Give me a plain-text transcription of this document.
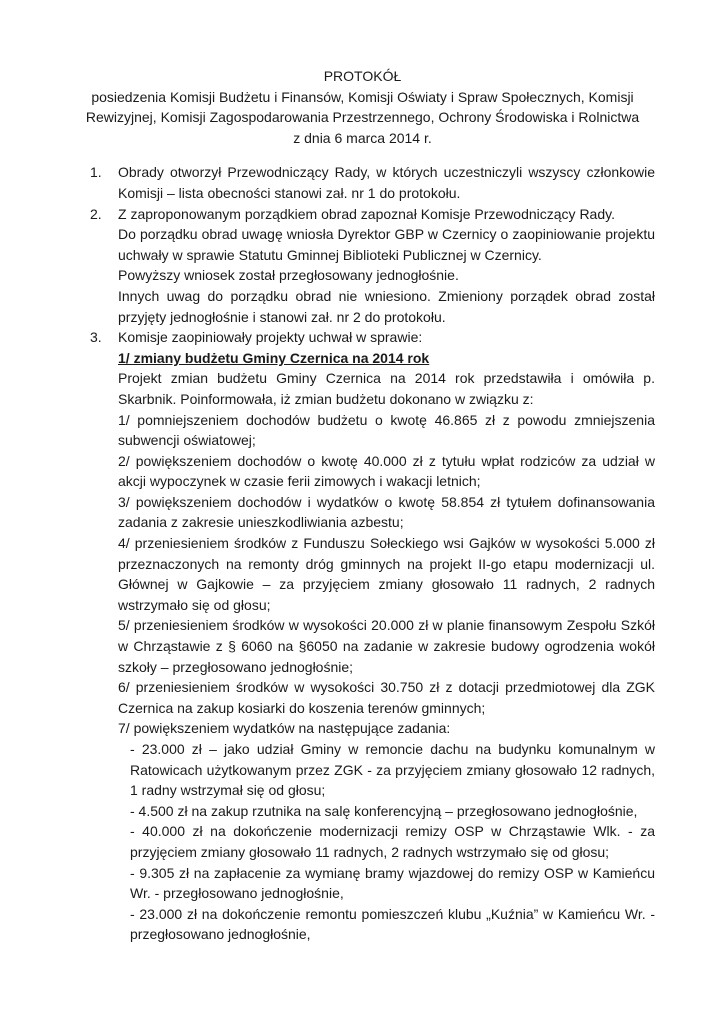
PROTOKÓŁ

posiedzenia Komisji Budżetu i Finansów, Komisji Oświaty i Spraw Społecznych, Komisji

Rewizyjnej, Komisji Zagospodarowania Przestrzennego, Ochrony Środowiska i Rolnictwa

z dnia 6 marca 2014 r.

1. Obrady otworzył Przewodniczący Rady, w których uczestniczyli wszyscy członkowie Komisji – lista obecności stanowi zał. nr 1 do protokołu.

2. Z zaproponowanym porządkiem obrad zapoznał Komisje Przewodniczący Rady.

Do porządku obrad uwagę wniosła Dyrektor GBP w Czernicy o zaopiniowanie projektu uchwały w sprawie Statutu Gminnej Biblioteki Publicznej w Czernicy.

Powyższy wniosek został przegłosowany jednogłośnie.

Innych uwag do porządku obrad nie wniesiono. Zmieniony porządek obrad został przyjęty jednogłośnie i stanowi zał. nr 2 do protokołu.

3. Komisje zaopiniowały projekty uchwał w sprawie:

1/ zmiany budżetu Gminy Czernica na 2014 rok

Projekt zmian budżetu Gminy Czernica na 2014 rok przedstawiła i omówiła p. Skarbnik. Poinformowała, iż zmian budżetu dokonano w związku z:

1/ pomniejszeniem dochodów budżetu o kwotę 46.865 zł z powodu zmniejszenia subwencji oświatowej;

2/ powiększeniem dochodów o kwotę 40.000 zł z tytułu wpłat rodziców za udział w akcji wypoczynek w czasie ferii zimowych i wakacji letnich;

3/ powiększeniem dochodów i wydatków o kwotę 58.854 zł tytułem dofinansowania zadania z zakresie unieszkodliwiania azbestu;

4/ przeniesieniem środków z Funduszu Sołeckiego wsi Gajków w wysokości 5.000 zł przeznaczonych na remonty dróg gminnych na projekt II-go etapu modernizacji ul. Głównej w Gajkowie – za przyjęciem zmiany głosowało 11 radnych, 2 radnych wstrzymało się od głosu;

5/ przeniesieniem środków w wysokości 20.000 zł w planie finansowym Zespołu Szkół w Chrząstawie z § 6060 na §6050 na zadanie w zakresie budowy ogrodzenia wokół szkoły – przegłosowano jednogłośnie;

6/ przeniesieniem środków w wysokości 30.750 zł z dotacji przedmiotowej dla ZGK Czernica na zakup kosiarki do koszenia terenów gminnych;

7/ powiększeniem wydatków na następujące zadania:

- 23.000 zł – jako udział Gminy w remoncie dachu na budynku komunalnym w Ratowicach użytkowanym przez ZGK - za przyjęciem zmiany głosowało 12 radnych, 1 radny wstrzymał się od głosu;

- 4.500 zł na zakup rzutnika na salę konferencyjną – przegłosowano jednogłośnie,

- 40.000 zł na dokończenie modernizacji remizy OSP w Chrząstawie Wlk. - za przyjęciem zmiany głosowało 11 radnych, 2 radnych wstrzymało się od głosu;

- 9.305 zł na zapłacenie za wymianę bramy wjazdowej do remizy OSP w Kamieńcu Wr. - przegłosowano jednogłośnie,

- 23.000 zł na dokończenie remontu pomieszczeń klubu „Kuźnia” w Kamieńcu Wr. - przegłosowano jednogłośnie,
